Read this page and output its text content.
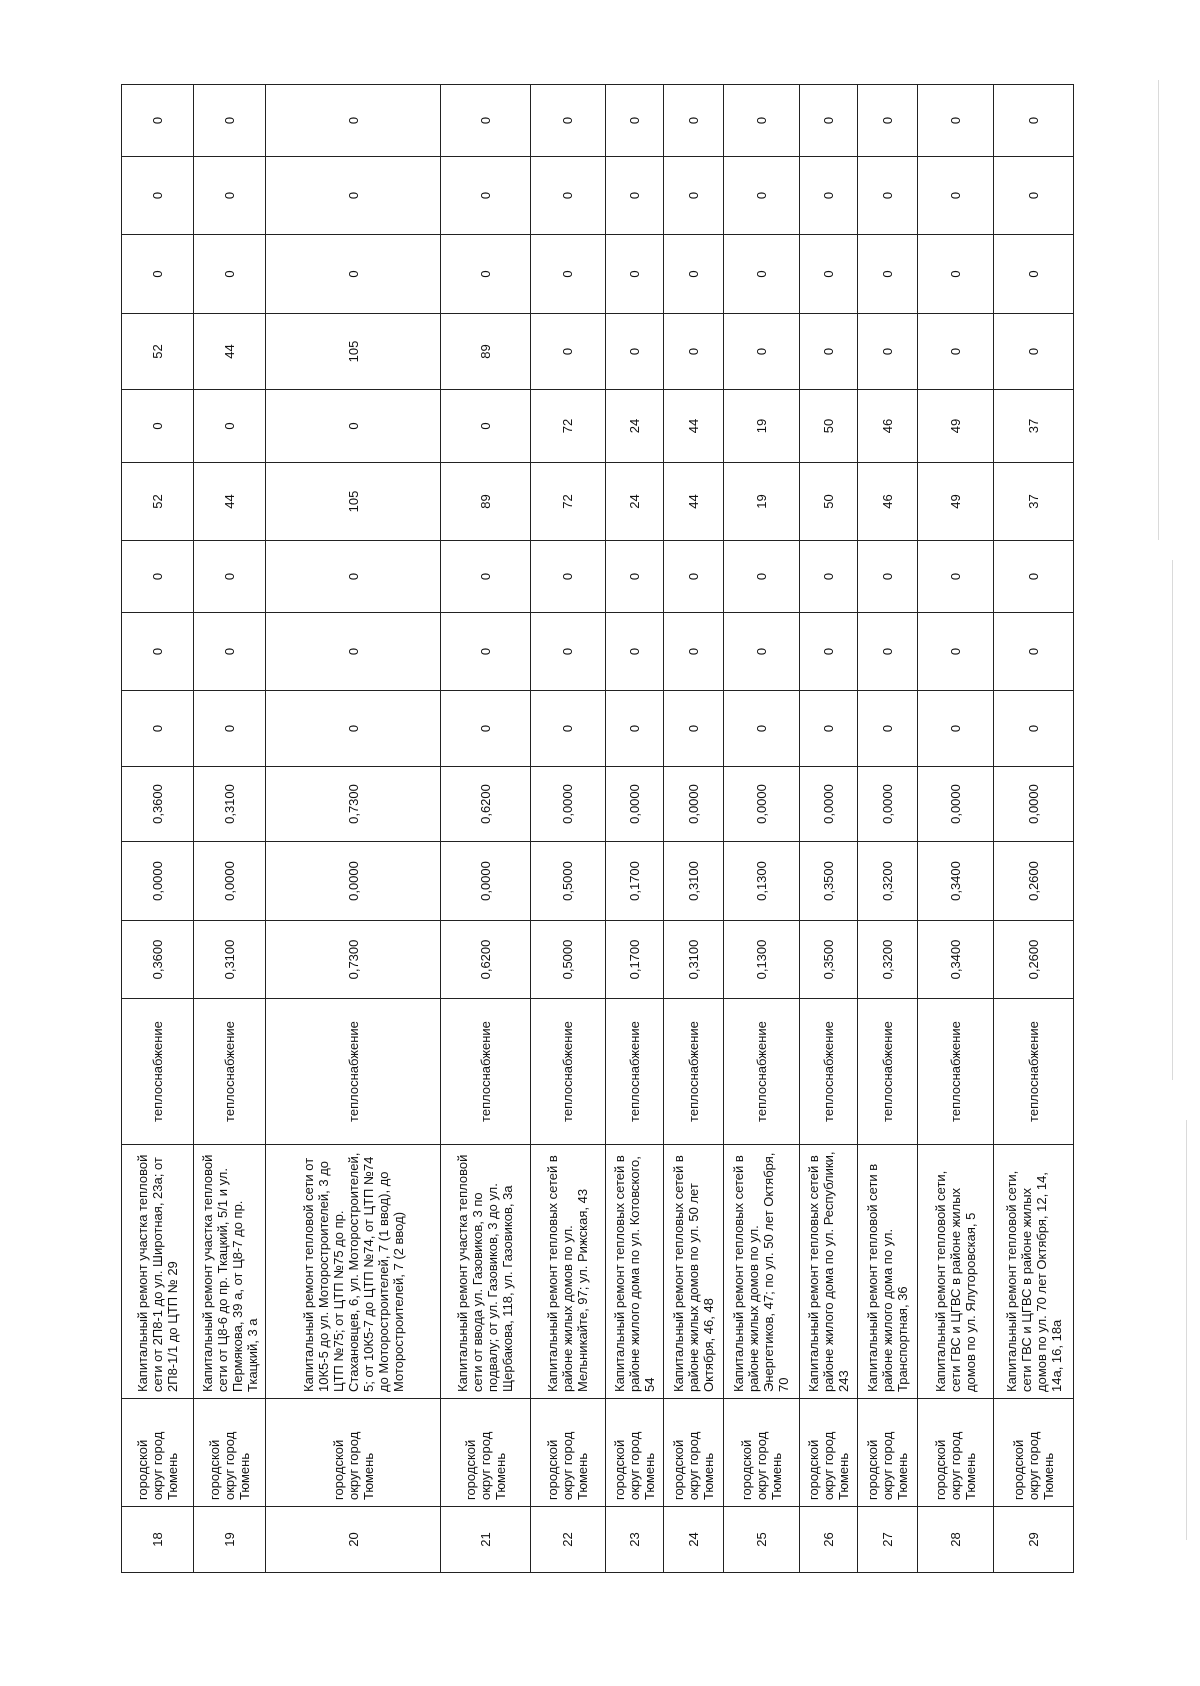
18	городской округ город Тюмень	Капитальный ремонт участка тепловой сети от 2П8-1 до ул. Широтная, 23а; от 2П8-1/1 до ЦТП № 29	теплоснабжение	0,3600	0,0000	0,3600	0	0	0	52	0	52	0	0	0
19	городской округ город Тюмень	Капитальный ремонт участка тепловой сети от Ц8-6 до пр. Ткацкий, 5/1 и ул. Пермякова, 39 а, от Ц8-7 до пр. Ткацкий, 3 а	теплоснабжение	0,3100	0,0000	0,3100	0	0	0	44	0	44	0	0	0
20	городской округ город Тюмень	Капитальный ремонт тепловой сети от 10К5-5 до ул. Моторостроителей, 3 до ЦТП №75; от ЦТП №75 до пр. Стахановцев, 6, ул. Моторостроителей, 5; от 10К5-7 до ЦТП №74, от ЦТП №74 до Моторостроителей, 7 (1 ввод), до Моторостроителей, 7 (2 ввод)	теплоснабжение	0,7300	0,0000	0,7300	0	0	0	105	0	105	0	0	0
21	городской округ город Тюмень	Капитальный ремонт участка тепловой сети от ввода ул. Газовиков, 3 по подвалу; от ул. Газовиков, 3 до ул. Щербакова, 118, ул. Газовиков, 3а	теплоснабжение	0,6200	0,0000	0,6200	0	0	0	89	0	89	0	0	0
22	городской округ город Тюмень	Капитальный ремонт тепловых сетей в районе жилых домов по ул. Мельникайте, 97; ул. Рижская, 43	теплоснабжение	0,5000	0,5000	0,0000	0	0	0	72	72	0	0	0	0
23	городской округ город Тюмень	Капитальный ремонт тепловых сетей в районе жилого дома по ул. Котовского, 54	теплоснабжение	0,1700	0,1700	0,0000	0	0	0	24	24	0	0	0	0
24	городской округ город Тюмень	Капитальный ремонт тепловых сетей в районе жилых домов по ул. 50 лет Октября, 46, 48	теплоснабжение	0,3100	0,3100	0,0000	0	0	0	44	44	0	0	0	0
25	городской округ город Тюмень	Капитальный ремонт тепловых сетей в районе жилых домов по ул. Энергетиков, 47; по ул. 50 лет Октября, 70	теплоснабжение	0,1300	0,1300	0,0000	0	0	0	19	19	0	0	0	0
26	городской округ город Тюмень	Капитальный ремонт тепловых сетей в районе жилого дома по ул. Республики, 243	теплоснабжение	0,3500	0,3500	0,0000	0	0	0	50	50	0	0	0	0
27	городской округ город Тюмень	Капитальный ремонт тепловой сети в районе жилого дома по ул. Транспортная, 36	теплоснабжение	0,3200	0,3200	0,0000	0	0	0	46	46	0	0	0	0
28	городской округ город Тюмень	Капитальный ремонт тепловой сети, сети ГВС и ЦГВС в районе жилых домов по ул. Ялуторовская, 5	теплоснабжение	0,3400	0,3400	0,0000	0	0	0	49	49	0	0	0	0
29	городской округ город Тюмень	Капитальный ремонт тепловой сети, сети ГВС и ЦГВС в районе жилых домов по ул. 70 лет Октября, 12, 14, 14а, 16, 18а	теплоснабжение	0,2600	0,2600	0,0000	0	0	0	37	37	0	0	0	0
